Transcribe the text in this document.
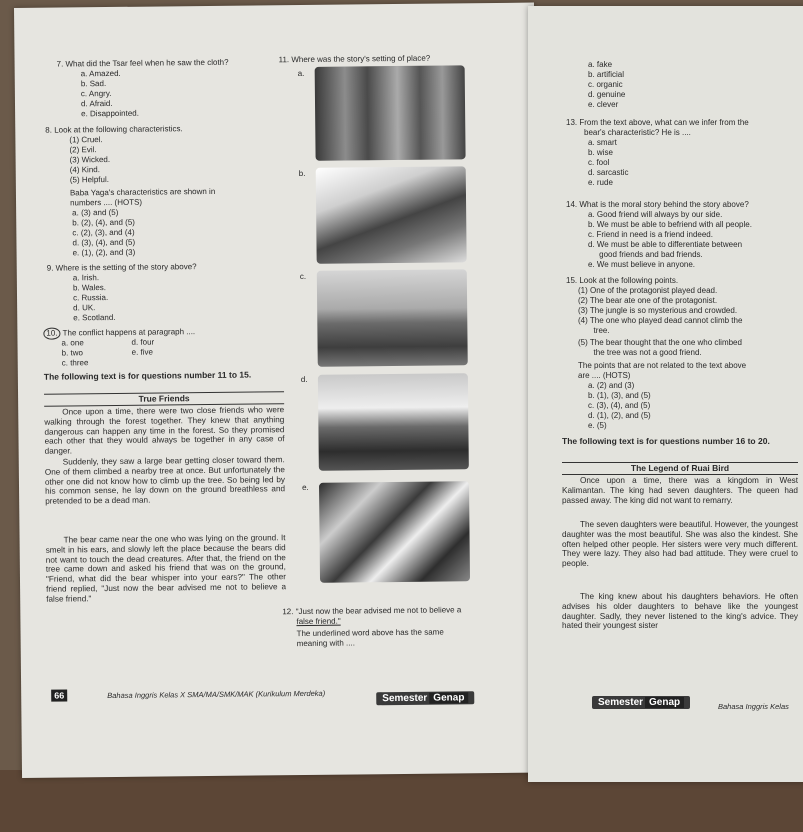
7. What did the Tsar feel when he saw the cloth?
a. Amazed.
b. Sad.
c. Angry.
d. Afraid.
e. Disappointed.
8. Look at the following characteristics.
(1) Cruel.
(2) Evil.
(3) Wicked.
(4) Kind.
(5) Helpful.
Baba Yaga's characteristics are shown in
numbers .... (HOTS)
a. (3) and (5)
b. (2), (4), and (5)
c. (2), (3), and (4)
d. (3), (4), and (5)
e. (1), (2), and (3)
9. Where is the setting of the story above?
a. Irish.
b. Wales.
c. Russia.
d. UK.
e. Scotland.
10. The conflict happens at paragraph ....
a. one	d. four
b. two	e. five
c. three
The following text is for questions number 11 to 15.
True Friends

Once upon a time, there were two close friends who were walking through the forest together. They knew that anything dangerous can happen any time in the forest. So they promised each other that they would always be together in any case of danger.

Suddenly, they saw a large bear getting closer toward them. One of them climbed a nearby tree at once. But unfortunately the other one did not know how to climb up the tree. So being led by his common sense, he lay down on the ground breathless and pretended to be a dead man.

The bear came near the one who was lying on the ground. It smelt in his ears, and slowly left the place because the bears did not want to touch the dead creatures. After that, the friend on the tree came down and asked his friend that was on the ground, "Friend, what did the bear whisper into your ears?" The other friend replied, "Just now the bear advised me not to believe a false friend."

11. Where was the story's setting of place?
a.
b.
c.
d.
e.
12. "Just now the bear advised me not to believe a
false friend."
The underlined word above has the same
meaning with ....
66	Bahasa Inggris Kelas X SMA/MA/SMK/MAK (Kurikulum Merdeka)	Semester Genap
a. fake
b. artificial
c. organic
d. genuine
e. clever
13. From the text above, what can we infer from the
bear's characteristic? He is ....
a. smart
b. wise
c. fool
d. sarcastic
e. rude
14. What is the moral story behind the story above?
a. Good friend will always by our side.
b. We must be able to befriend with all people.
c. Friend in need is a friend indeed.
d. We must be able to differentiate between
good friends and bad friends.
e. We must believe in anyone.
15. Look at the following points.
(1) One of the protagonist played dead.
(2) The bear ate one of the protagonist.
(3) The jungle is so mysterious and crowded.
(4) The one who played dead cannot climb the
tree.
(5) The bear thought that the one who climbed
the tree was not a good friend.
The points that are not related to the text above
are .... (HOTS)
a. (2) and (3)
b. (1), (3), and (5)
c. (3), (4), and (5)
d. (1), (2), and (5)
e. (5)
The following text is for questions number 16 to 20.
The Legend of Ruai Bird

Once upon a time, there was a kingdom in West Kalimantan. The king had seven daughters. The queen had passed away. The king did not want to remarry.

The seven daughters were beautiful. However, the youngest daughter was the most beautiful. She was also the kindest. She often helped other people. Her sisters were very much different. They were lazy. They also had bad attitude. They were cruel to people.

The king knew about his daughters behaviors. He often advises his older daughters to behave like the youngest daughter. Sadly, they never listened to the king's advice. They hated their youngest sister

Semester Genap	Bahasa Inggris Kelas
